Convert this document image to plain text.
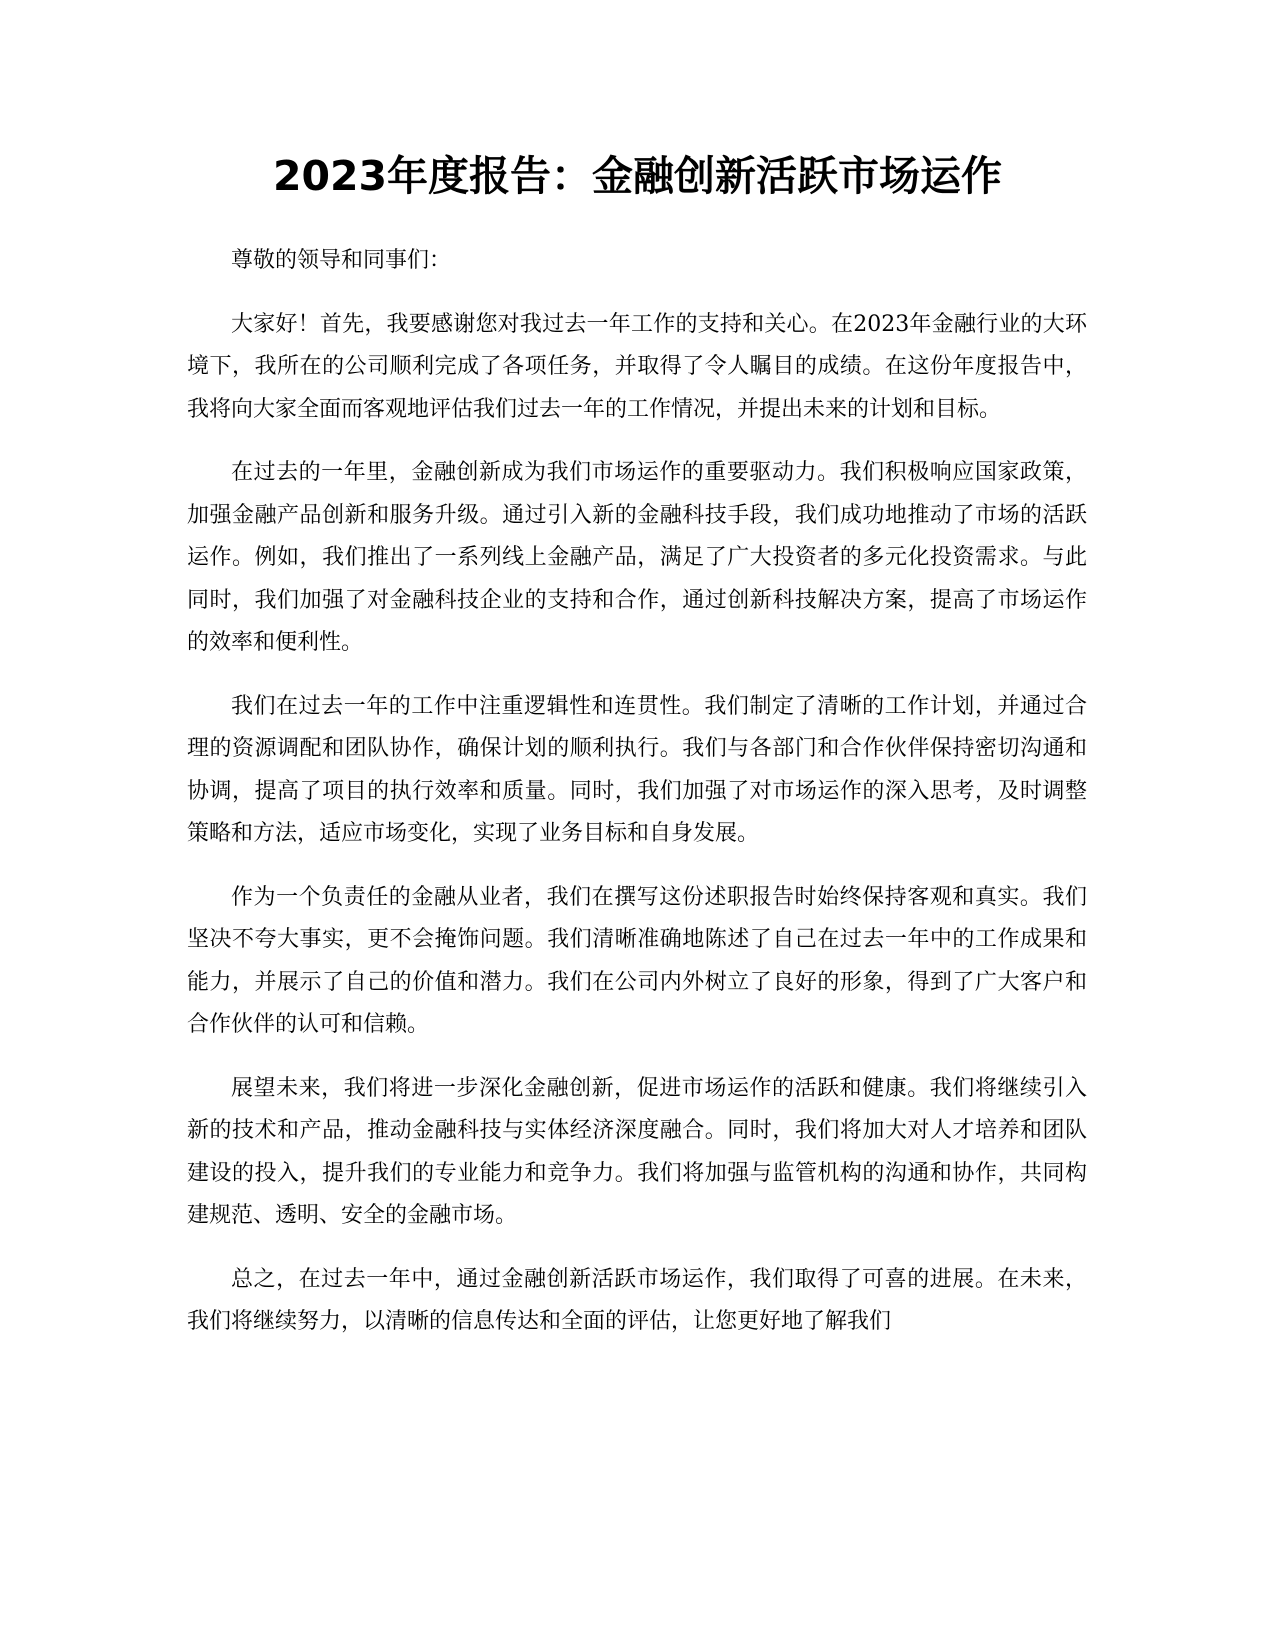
2023年度报告：金融创新活跃市场运作

尊敬的领导和同事们：

大家好！首先，我要感谢您对我过去一年工作的支持和关心。在2023年金融行业的大环境下，我所在的公司顺利完成了各项任务，并取得了令人瞩目的成绩。在这份年度报告中，我将向大家全面而客观地评估我们过去一年的工作情况，并提出未来的计划和目标。

在过去的一年里，金融创新成为我们市场运作的重要驱动力。我们积极响应国家政策，加强金融产品创新和服务升级。通过引入新的金融科技手段，我们成功地推动了市场的活跃运作。例如，我们推出了一系列线上金融产品，满足了广大投资者的多元化投资需求。与此同时，我们加强了对金融科技企业的支持和合作，通过创新科技解决方案，提高了市场运作的效率和便利性。

我们在过去一年的工作中注重逻辑性和连贯性。我们制定了清晰的工作计划，并通过合理的资源调配和团队协作，确保计划的顺利执行。我们与各部门和合作伙伴保持密切沟通和协调，提高了项目的执行效率和质量。同时，我们加强了对市场运作的深入思考，及时调整策略和方法，适应市场变化，实现了业务目标和自身发展。

作为一个负责任的金融从业者，我们在撰写这份述职报告时始终保持客观和真实。我们坚决不夸大事实，更不会掩饰问题。我们清晰准确地陈述了自己在过去一年中的工作成果和能力，并展示了自己的价值和潜力。我们在公司内外树立了良好的形象，得到了广大客户和合作伙伴的认可和信赖。

展望未来，我们将进一步深化金融创新，促进市场运作的活跃和健康。我们将继续引入新的技术和产品，推动金融科技与实体经济深度融合。同时，我们将加大对人才培养和团队建设的投入，提升我们的专业能力和竞争力。我们将加强与监管机构的沟通和协作，共同构建规范、透明、安全的金融市场。

总之，在过去一年中，通过金融创新活跃市场运作，我们取得了可喜的进展。在未来，我们将继续努力，以清晰的信息传达和全面的评估，让您更好地了解我们
